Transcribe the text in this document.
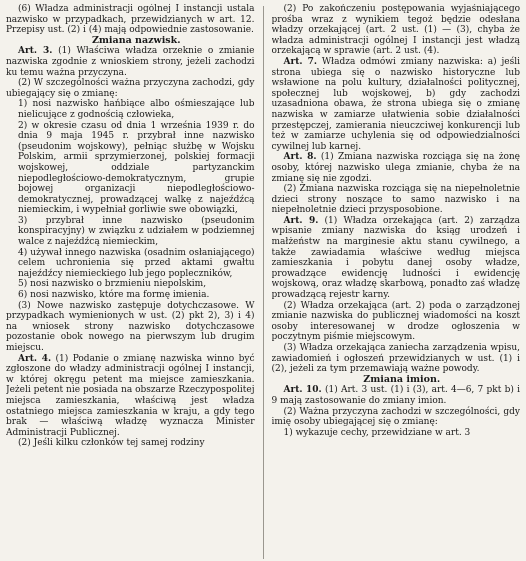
(6) Władza administracji ogólnej I instancji ustala nazwisko w przypadkach, przewidzianych w art. 12. Przepisy ust. (2) i (4) mają odpowiednie zastosowanie.

Zmiana nazwisk.

Art. 3. (1) Właściwa władza orzeknie o zmianie nazwiska zgodnie z wnioskiem strony, jeżeli zachodzi ku temu ważna przyczyna.

(2) W szczególności ważna przyczyna zachodzi, gdy ubiegający się o zmianę:

1) nosi nazwisko hańbiące albo ośmieszające lub nielicujące z godnością człowieka,

2) w okresie czasu od dnia 1 września 1939 r. do dnia 9 maja 1945 r. przybrał inne nazwisko (pseudonim wojskowy), pełniąc służbę w Wojsku Polskim, armii sprzymierzonej, polskiej formacji wojskowej, oddziale partyzanckim niepodległościowo-demokratycznym, grupie bojowej organizacji niepodległościowo-demokratycznej, prowadzącej walkę z najeźdźcą niemieckim, i wypełniał gorliwie swe obowiązki,

3) przybrał inne nazwisko (pseudonim konspiracyjny) w związku z udziałem w podziemnej walce z najeźdźcą niemieckim,

4) używał innego nazwiska (osadnim osłaniającego) celem uchronienia się przed aktami gwałtu najeźdźcy niemieckiego lub jego popleczników,

5) nosi nazwisko o brzmieniu niepolskim,

6) nosi nazwisko, które ma formę imienia.

(3) Nowe nazwisko zastępuje dotychczasowe. W przypadkach wymienionych w ust. (2) pkt 2), 3) i 4) na wniosek strony nazwisko dotychczasowe pozostanie obok nowego na pierwszym lub drugim miejscu.

Art. 4. (1) Podanie o zmianę nazwiska winno być zgłoszone do władzy administracji ogólnej I instancji, w której okręgu petent ma miejsce zamieszkania. Jeżeli petent nie posiada na obszarze Rzeczypospolitej miejsca zamieszkania, właściwą jest władza ostatniego miejsca zamieszkania w kraju, a gdy tego brak — właściwą władzę wyznacza Minister Administracji Publicznej.

(2) Jeśli kilku członków tej samej rodziny

(2) Po zakończeniu postępowania wyjaśniającego prośba wraz z wynikiem tegoż będzie odesłana władzy orzekającej (art. 2 ust. (1) — (3), chyba że władza administracji ogólnej I instancji jest władzą orzekającą w sprawie (art. 2 ust. (4).

Art. 7. Władza odmówi zmiany nazwiska: a) jeśli strona ubiega się o nazwisko historyczne lub wsławione na polu kultury, działalności politycznej, społecznej lub wojskowej, b) gdy zachodzi uzasadniona obawa, że strona ubiega się o zmianę nazwiska w zamiarze ułatwienia sobie działalności przestępczej, zamierania nieuczciwej konkurencji lub też w zamiarze uchylenia się od odpowiedzialności cywilnej lub karnej.

Art. 8. (1) Zmiana nazwiska rozciąga się na żonę osoby, której nazwisko ulega zmianie, chyba że na zmianę się nie zgodzi.

(2) Zmiana nazwiska rozciąga się na niepełnoletnie dzieci strony noszące to samo nazwisko i na niepełnoletnie dzieci przysposobione.

Art. 9. (1) Władza orzekająca (art. 2) zarządza wpisanie zmiany nazwiska do ksiąg urodzeń i małżeństw na marginesie aktu stanu cywilnego, a także zawiadamia właściwe według miejsca zamieszkania i pobytu danej osoby władze, prowadzące ewidencję ludności i ewidencję wojskową, oraz władzę skarbową, ponadto zaś władzę prowadzącą rejestr karny.

(2) Władza orzekająca (art. 2) poda o zarządzonej zmianie nazwiska do publicznej wiadomości na koszt osoby interesowanej w drodze ogłoszenia w poczytnym piśmie miejscowym.

(3) Władza orzekająca zaniecha zarządzenia wpisu, zawiadomień i ogłoszeń przewidzianych w ust. (1) i (2), jeżeli za tym przemawiają ważne powody.

Zmiana imion.

Art. 10. (1) Art. 3 ust. (1) i (3), art. 4—6, 7 pkt b) i 9 mają zastosowanie do zmiany imion.

(2) Ważna przyczyna zachodzi w szczególności, gdy imię osoby ubiegającej się o zmianę:

1) wykazuje cechy, przewidziane w art. 3
